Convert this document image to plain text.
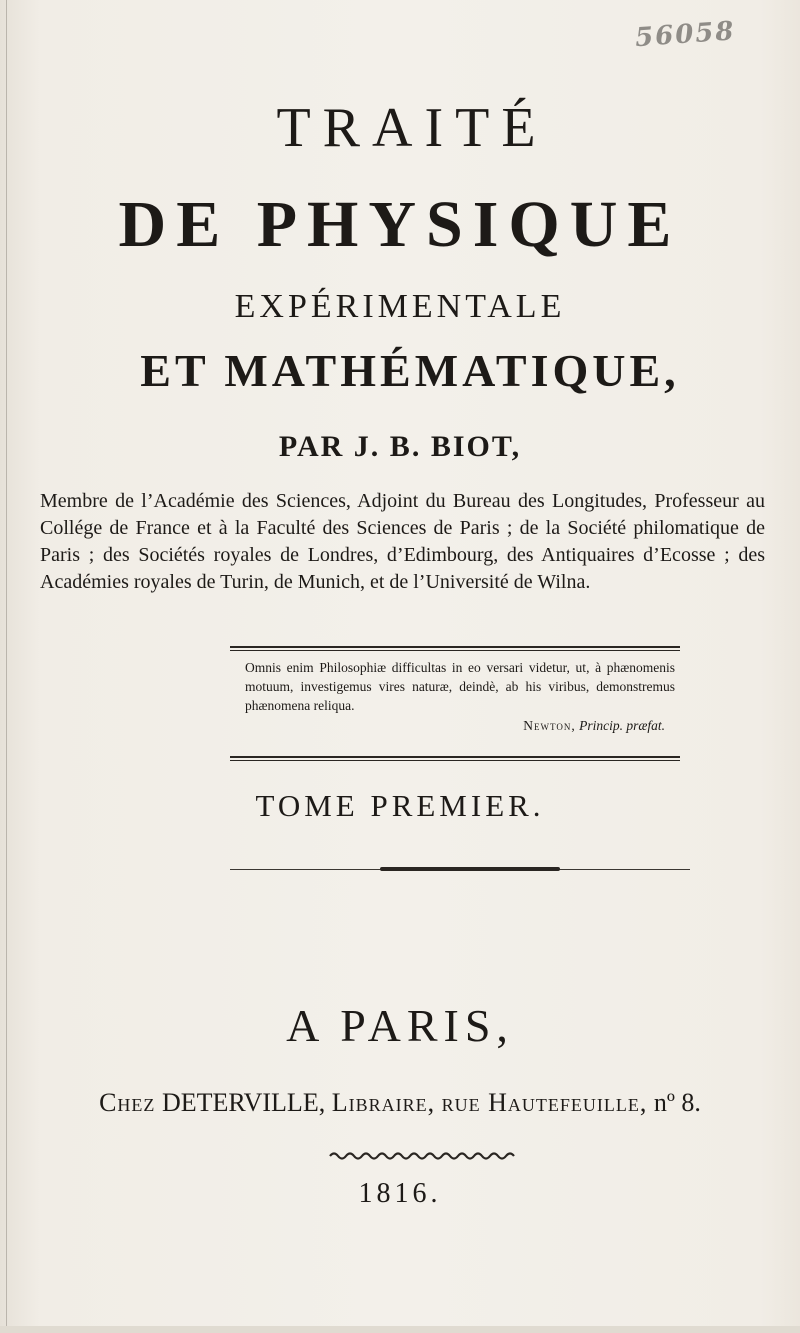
56058
TRAITÉ
DE PHYSIQUE
EXPÉRIMENTALE
ET MATHÉMATIQUE,
PAR J. B. BIOT,

Membre de l’Académie des Sciences, Adjoint du Bureau des Longitudes, Professeur au Collége de France et à la Faculté des Sciences de Paris ; de la Société philomatique de Paris ; des Sociétés royales de Londres, d’Edimbourg, des Antiquaires d’Ecosse ; des Académies royales de Turin, de Munich, et de l’Université de Wilna.

Omnis enim Philosophiæ difficultas in eo versari videtur, ut, à phænomenis motuum, investigemus vires naturæ, deindè, ab his viribus, demonstremus phænomena reliqua.

Newton, Princip. præfat.

TOME PREMIER.
A PARIS,
Chez DETERVILLE, Libraire, rue Hautefeuille, nº 8.
1816.
